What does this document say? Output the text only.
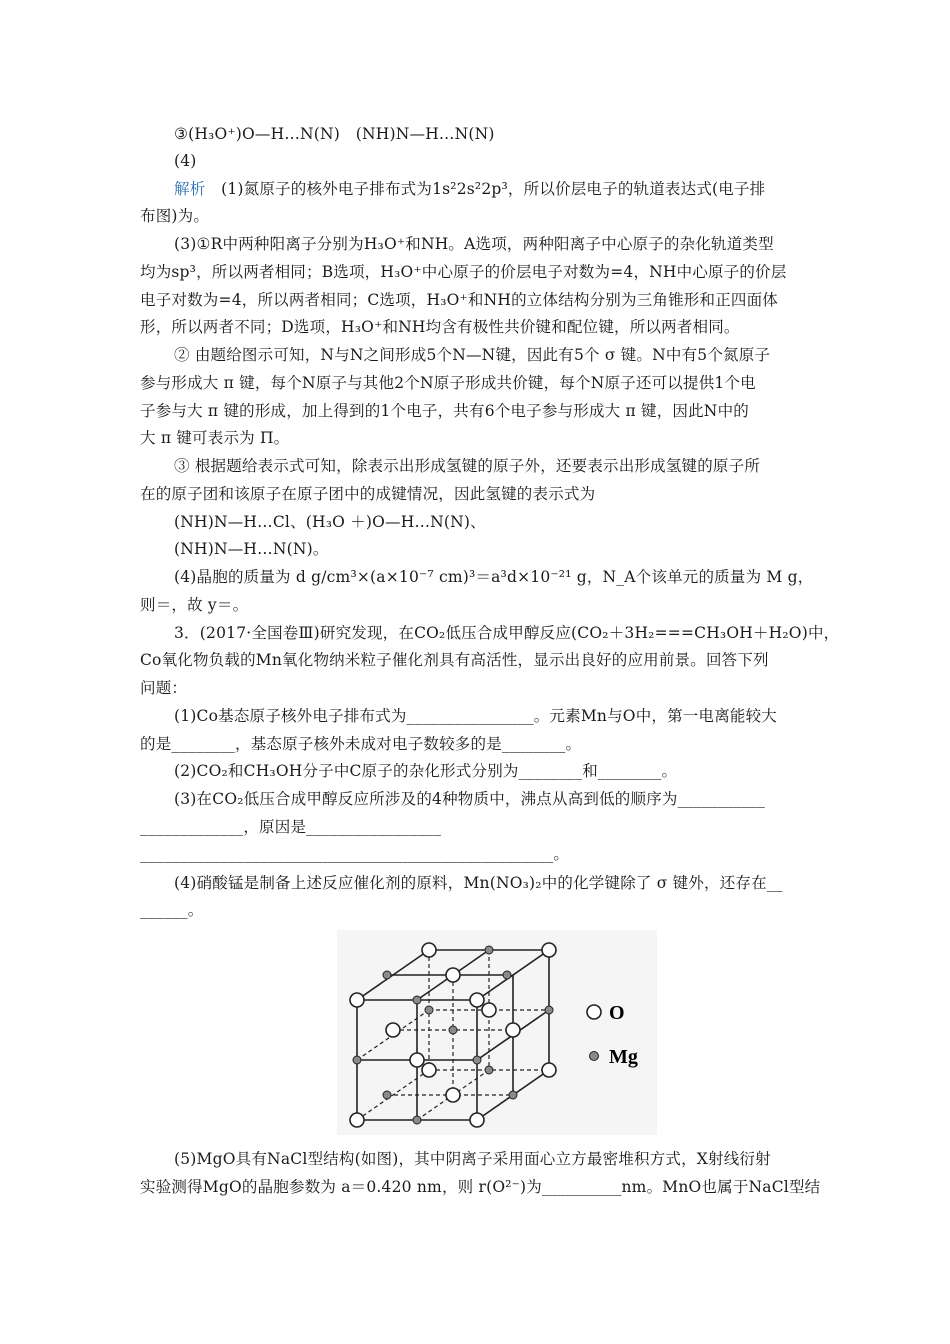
③(H₃O⁺)O—H…N(N)　(NH)N—H…N(N)
(4)
解析　(1)氮原子的核外电子排布式为1s²2s²2p³，所以价层电子的轨道表达式(电子排
布图)为。
(3)①R中两种阳离子分别为H₃O⁺和NH。A选项，两种阳离子中心原子的杂化轨道类型
均为sp³，所以两者相同；B选项，H₃O⁺中心原子的价层电子对数为=4，NH中心原子的价层
电子对数为=4，所以两者相同；C选项，H₃O⁺和NH的立体结构分别为三角锥形和正四面体
形，所以两者不同；D选项，H₃O⁺和NH均含有极性共价键和配位键，所以两者相同。
② 由题给图示可知，N与N之间形成5个N—N键，因此有5个 σ 键。N中有5个氮原子
参与形成大 π 键，每个N原子与其他2个N原子形成共价键，每个N原子还可以提供1个电
子参与大 π 键的形成，加上得到的1个电子，共有6个电子参与形成大 π 键，因此N中的
大 π 键可表示为 Π。
③ 根据题给表示式可知，除表示出形成氢键的原子外，还要表示出形成氢键的原子所
在的原子团和该原子在原子团中的成键情况，因此氢键的表示式为
(NH)N—H…Cl、(H₃O ＋)O—H…N(N)、
(NH)N—H…N(N)。
(4)晶胞的质量为 d g/cm³×(a×10⁻⁷ cm)³＝a³d×10⁻²¹ g，N_A个该单元的质量为 M g，
则＝，故 y＝。
3．(2017·全国卷Ⅲ)研究发现，在CO₂低压合成甲醇反应(CO₂＋3H₂===CH₃OH＋H₂O)中，
Co氧化物负载的Mn氧化物纳米粒子催化剂具有高活性，显示出良好的应用前景。回答下列
问题：
(1)Co基态原子核外电子排布式为________________。元素Mn与O中，第一电离能较大
的是________，基态原子核外未成对电子数较多的是________。
(2)CO₂和CH₃OH分子中C原子的杂化形式分别为________和________。
(3)在CO₂低压合成甲醇反应所涉及的4种物质中，沸点从高到低的顺序为___________
_____________，原因是_________________
____________________________________________________。
(4)硝酸锰是制备上述反应催化剂的原料，Mn(NO₃)₂中的化学键除了 σ 键外，还存在__
______。
O
Mg
(5)MgO具有NaCl型结构(如图)，其中阴离子采用面心立方最密堆积方式，X射线衍射
实验测得MgO的晶胞参数为 a＝0.420 nm，则 r(O²⁻)为__________nm。MnO也属于NaCl型结
